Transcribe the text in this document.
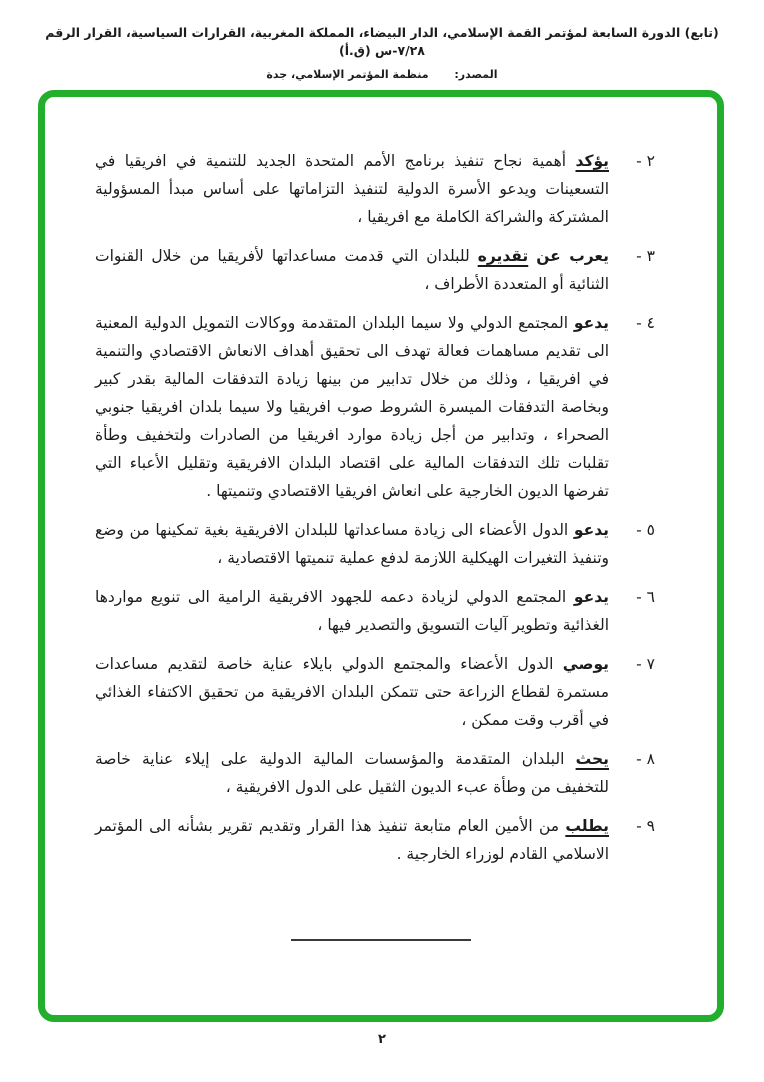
(تابع) الدورة السابعة لمؤتمر القمة الإسلامي، الدار البيضاء، المملكة المغربية، القرارات السياسية، القرار الرقم ٧/٢٨-س (ق.أ)
المصدر: منظمة المؤتمر الإسلامي، جدة
٢ -

يؤكد أهمية نجاح تنفيذ برنامج الأمم المتحدة الجديد للتنمية في افريقيا في التسعينات ويدعو الأسرة الدولية لتنفيذ التزاماتها على أساس مبدأ المسؤولية المشتركة والشراكة الكاملة مع افريقيا ،

٣ -

يعرب عن تقديره للبلدان التي قدمت مساعداتها لأفريقيا من خلال القنوات الثنائية أو المتعددة الأطراف ،

٤ -

يدعو المجتمع الدولي ولا سيما البلدان المتقدمة ووكالات التمويل الدولية المعنية الى تقديم مساهمات فعالة تهدف الى تحقيق أهداف الانعاش الاقتصادي والتنمية في افريقيا ، وذلك من خلال تدابير من بينها زيادة التدفقات المالية بقدر كبير وبخاصة التدفقات الميسرة الشروط صوب افريقيا ولا سيما بلدان افريقيا جنوبي الصحراء ، وتدابير من أجل زيادة موارد افريقيا من الصادرات ولتخفيف وطأة تقلبات تلك التدفقات المالية على اقتصاد البلدان الافريقية وتقليل الأعباء التي تفرضها الديون الخارجية على انعاش افريقيا الاقتصادي وتنميتها .

٥ -

يدعو الدول الأعضاء الى زيادة مساعداتها للبلدان الافريقية بغية تمكينها من وضع وتنفيذ التغيرات الهيكلية اللازمة لدفع عملية تنميتها الاقتصادية ،

٦ -

يدعو المجتمع الدولي لزيادة دعمه للجهود الافريقية الرامية الى تنويع مواردها الغذائية وتطوير آليات التسويق والتصدير فيها ،

٧ -

يوصي الدول الأعضاء والمجتمع الدولي بايلاء عناية خاصة لتقديم مساعدات مستمرة لقطاع الزراعة حتى تتمكن البلدان الافريقية من تحقيق الاكتفاء الغذائي في أقرب وقت ممكن ،

٨ -

يحث البلدان المتقدمة والمؤسسات المالية الدولية على إيلاء عناية خاصة للتخفيف من وطأة عبء الديون الثقيل على الدول الافريقية ،

٩ -

يطلب من الأمين العام متابعة تنفيذ هذا القرار وتقديم تقرير بشأنه الى المؤتمر الاسلامي القادم لوزراء الخارجية .

٢
